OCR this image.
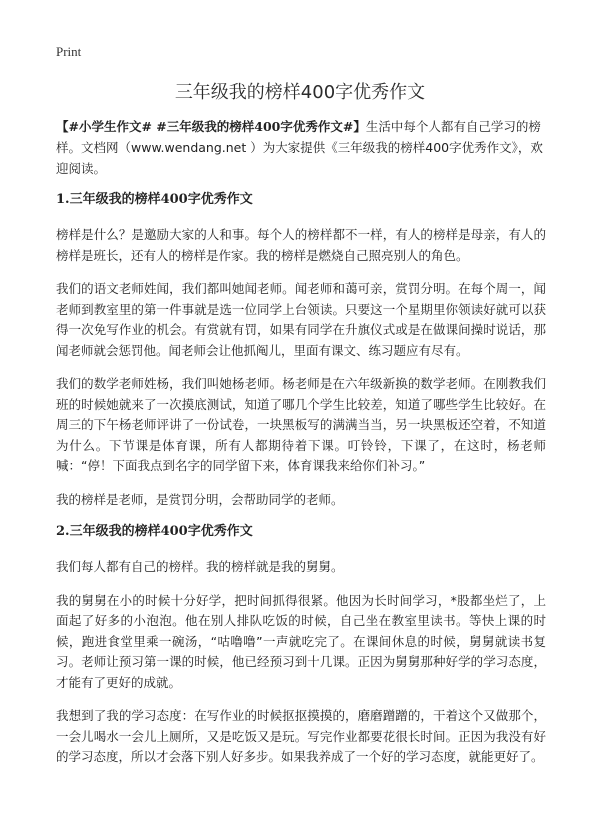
Print
三年级我的榜样400字优秀作文

【#小学生作文# #三年级我的榜样400字优秀作文#】生活中每个人都有自己学习的榜样。文档网（www.wendang.net ）为大家提供《三年级我的榜样400字优秀作文》，欢迎阅读。

1.三年级我的榜样400字优秀作文

榜样是什么？是邀励大家的人和事。每个人的榜样都不一样，有人的榜样是母亲，有人的榜样是班长，还有人的榜样是作家。我的榜样是燃烧自己照亮别人的角色。

我们的语文老师姓闻，我们都叫她闻老师。闻老师和蔼可亲，赏罚分明。在每个周一，闻老师到教室里的第一件事就是选一位同学上台领读。只要这一个星期里你领读好就可以获得一次免写作业的机会。有赏就有罚，如果有同学在升旗仪式或是在做课间操时说话，那闻老师就会惩罚他。闻老师会让他抓阄儿，里面有课文、练习题应有尽有。

我们的数学老师姓杨，我们叫她杨老师。杨老师是在六年级新换的数学老师。在刚教我们班的时候她就来了一次摸底测试，知道了哪几个学生比较差，知道了哪些学生比较好。在周三的下午杨老师评讲了一份试卷，一块黑板写的满满当当，另一块黑板还空着，不知道为什么。下节课是体育课，所有人都期待着下课。叮铃铃，下课了，在这时，杨老师喊：“停！下面我点到名字的同学留下来，体育课我来给你们补习。”

我的榜样是老师，是赏罚分明，会帮助同学的老师。

2.三年级我的榜样400字优秀作文

我们每人都有自己的榜样。我的榜样就是我的舅舅。

我的舅舅在小的时候十分好学，把时间抓得很紧。他因为长时间学习，*股都坐烂了，上面起了好多的小泡泡。他在别人排队吃饭的时候，自己坐在教室里读书。等快上课的时候，跑进食堂里乘一碗汤，“咕噜噜”一声就吃完了。在课间休息的时候，舅舅就读书复习。老师让预习第一课的时候，他已经预习到十几课。正因为舅舅那种好学的学习态度，才能有了更好的成就。

我想到了我的学习态度：在写作业的时候抠抠摸摸的，磨磨蹭蹭的，干着这个又做那个，一会儿喝水一会儿上厕所，又是吃饭又是玩。写完作业都要花很长时间。正因为我没有好的学习态度，所以才会落下别人好多步。如果我养成了一个好的学习态度，就能更好了。
